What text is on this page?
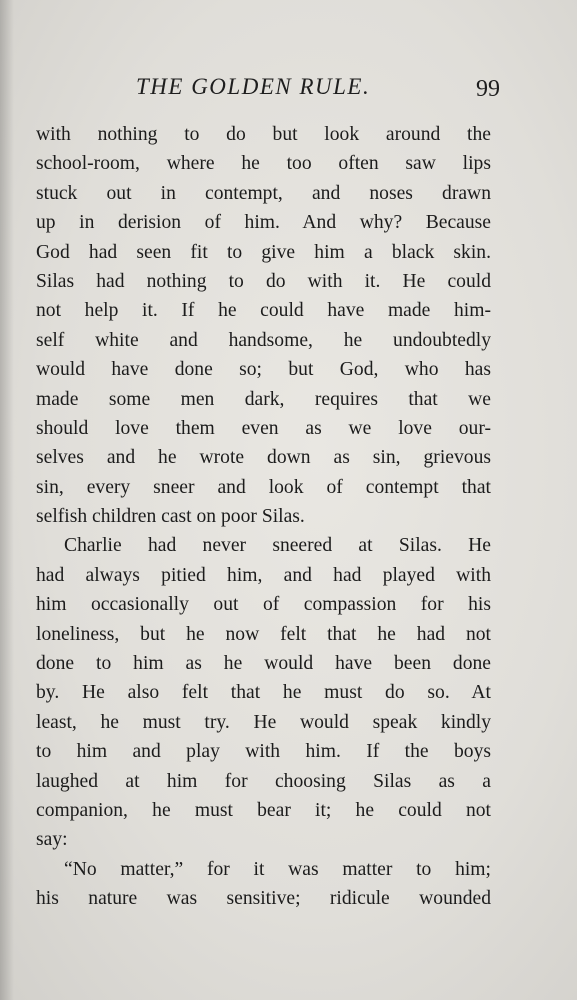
THE GOLDEN RULE.	99
with nothing to do but look around the
school-room, where he too often saw lips
stuck out in contempt, and noses drawn
up in derision of him. And why? Because
God had seen fit to give him a black skin.
Silas had nothing to do with it. He could
not help it. If he could have made him-
self white and handsome, he undoubtedly
would have done so; but God, who has
made some men dark, requires that we
should love them even as we love our-
selves and he wrote down as sin, grievous
sin, every sneer and look of contempt that
selfish children cast on poor Silas.
Charlie had never sneered at Silas. He
had always pitied him, and had played with
him occasionally out of compassion for his
loneliness, but he now felt that he had not
done to him as he would have been done
by. He also felt that he must do so. At
least, he must try. He would speak kindly
to him and play with him. If the boys
laughed at him for choosing Silas as a
companion, he must bear it; he could not
say:
“No matter,” for it was matter to him;
his nature was sensitive; ridicule wounded
